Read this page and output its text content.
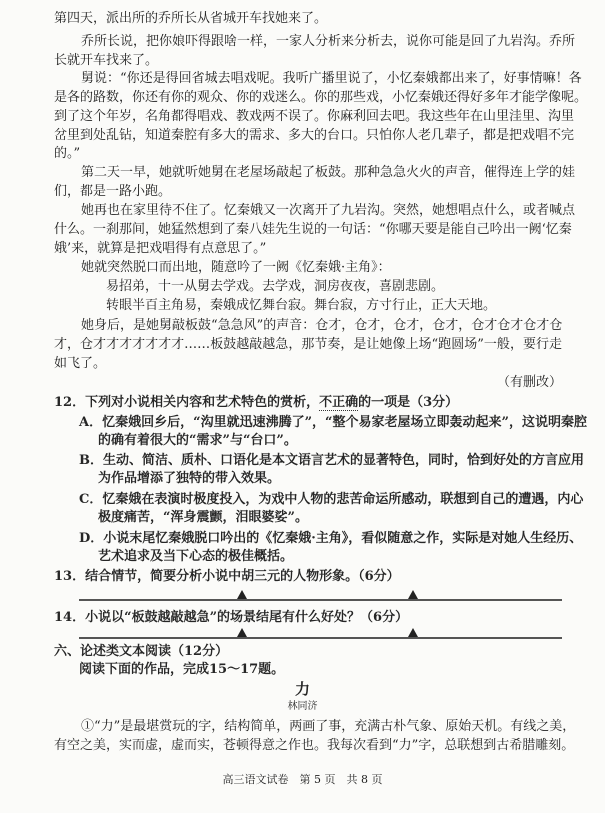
第四天，派出所的乔所长从省城开车找她来了。
乔所长说，把你娘吓得跟啥一样，一家人分析来分析去，说你可能是回了九岩沟。乔所
长就开车找来了。
舅说：“你还是得回省城去唱戏呢。我听广播里说了，小忆秦娥都出来了，好事情嘛！各
是各的路数，你还有你的观众、你的戏迷么。你的那些戏，小忆秦娥还得好多年才能学像呢。
到了这个年岁，名角都得唱戏、教戏两不误了。你麻利回去吧。我这些年在山里洼里、沟里
岔里到处乱钻，知道秦腔有多大的需求、多大的台口。只怕你人老几辈子，都是把戏唱不完
的。”
第二天一早，她就听她舅在老屋场敲起了板鼓。那种急急火火的声音，催得连上学的娃
们，都是一路小跑。
她再也在家里待不住了。忆秦娥又一次离开了九岩沟。突然，她想唱点什么，或者喊点
什么。一刹那间，她猛然想到了秦八娃先生说的一句话：“你哪天要是能自己吟出一阙‘忆秦
娥’来，就算是把戏唱得有点意思了。”
她就突然脱口而出地，随意吟了一阙《忆秦娥·主角》：
易招弟，十一从舅去学戏。去学戏，洞房夜夜，喜剧悲剧。
转眼半百主角易，秦娥成忆舞台寂。舞台寂，方寸行止，正大天地。
她身后，是她舅敲板鼓“急急风”的声音：仓才，仓才，仓才，仓才，仓才仓才仓才仓
才，仓才才才才才才才……板鼓越敲越急，那节奏，是让她像上场“跑圆场”一般，要行走
如飞了。
（有删改）
12．下列对小说相关内容和艺术特色的赏析，不正确的一项是（3分）
A．忆秦娥回乡后，“沟里就迅速沸腾了”，“整个易家老屋场立即轰动起来”，这说明秦腔
的确有着很大的“需求”与“台口”。
B．生动、简洁、质朴、口语化是本文语言艺术的显著特色，同时，恰到好处的方言应用
为作品增添了独特的带入效果。
C．忆秦娥在表演时极度投入，为戏中人物的悲苦命运所感动，联想到自己的遭遇，内心
极度痛苦，“浑身震颤，泪眼婆娑”。
D．小说末尾忆秦娥脱口吟出的《忆秦娥·主角》，看似随意之作，实际是对她人生经历、
艺术追求及当下心态的极佳概括。
13．结合情节，简要分析小说中胡三元的人物形象。（6分）
14．小说以“板鼓越敲越急”的场景结尾有什么好处？（6分）
六、论述类文本阅读（12分）
阅读下面的作品，完成15～17题。
力
林同济
①“力”是最堪赏玩的字，结构简单，两画了事，充满古朴气象、原始天机。有线之美，
有空之美，实而虚，虚而实，苍顿得意之作也。我每次看到“力”字，总联想到古希腊雕刻。
高三语文试卷　第 5 页　共 8 页
